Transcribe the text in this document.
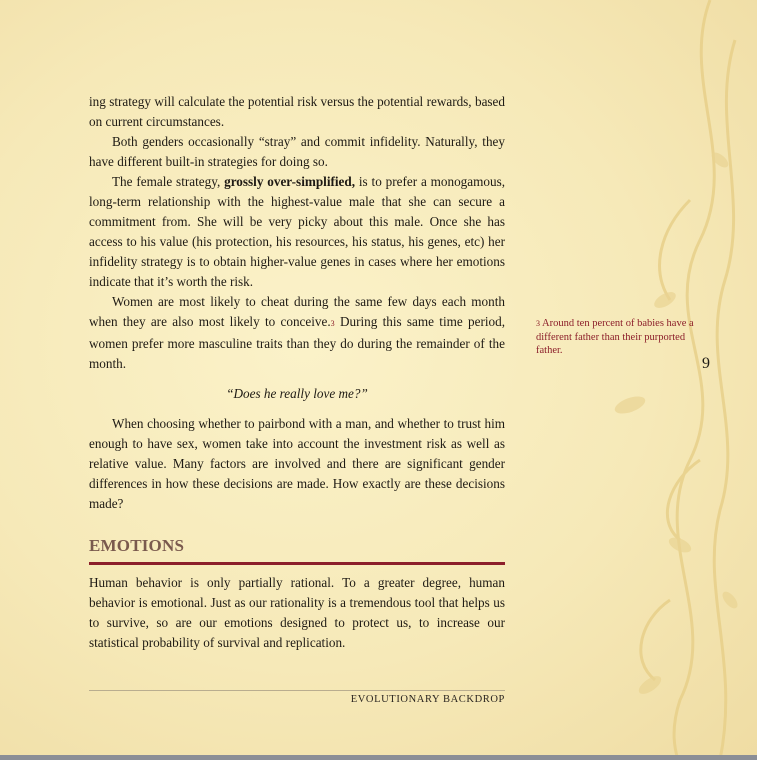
ing strategy will calculate the potential risk versus the potential rewards, based on current circumstances.

Both genders occasionally “stray” and commit infidelity. Naturally, they have different built-in strategies for doing so.

The female strategy, grossly over-simplified, is to prefer a monogamous, long-term relationship with the highest-value male that she can secure a commitment from. She will be very picky about this male. Once she has access to his value (his protection, his resources, his status, his genes, etc) her infidelity strategy is to obtain higher-value genes in cases where her emotions indicate that it’s worth the risk.

Women are most likely to cheat during the same few days each month when they are also most likely to conceive.3 During this same time period, women prefer more masculine traits than they do during the remainder of the month.

“Does he really love me?”

When choosing whether to pairbond with a man, and whether to trust him enough to have sex, women take into account the investment risk as well as relative value. Many factors are involved and there are significant gender differences in how these decisions are made. How exactly are these decisions made?

EMOTIONS

Human behavior is only partially rational. To a greater degree, human behavior is emotional. Just as our rationality is a tremendous tool that helps us to survive, so are our emotions designed to protect us, to increase our statistical probability of survival and replication.

3 Around ten percent of babies have a different father than their purported father.
9
EVOLUTIONARY BACKDROP
